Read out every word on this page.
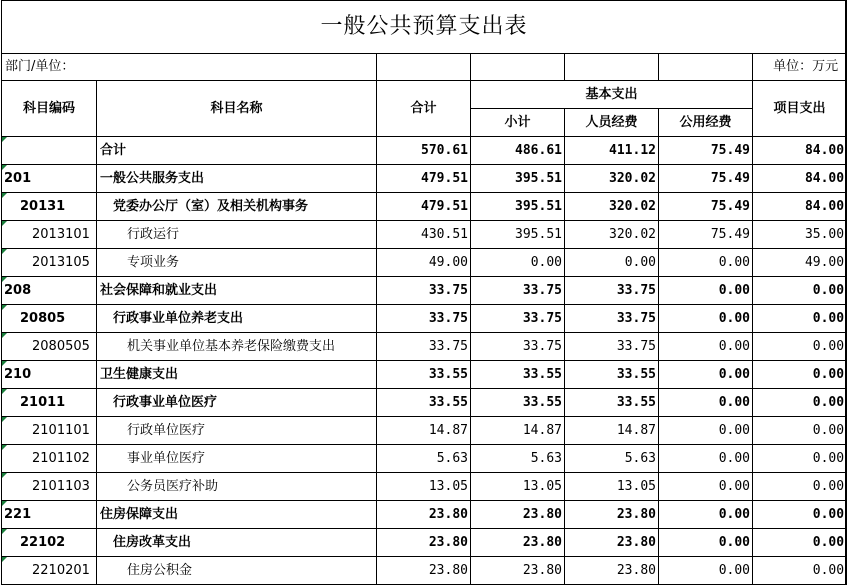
一般公共预算支出表						
部门/单位：						单位：万元
科目编码	科目名称	合计	基本支出			项目支出
			小计	人员经费	公用经费	
	合计	570.61	486.61	411.12	75.49	84.00
201	一般公共服务支出	479.51	395.51	320.02	75.49	84.00
20131	党委办公厅（室）及相关机构事务	479.51	395.51	320.02	75.49	84.00
2013101	行政运行	430.51	395.51	320.02	75.49	35.00
2013105	专项业务	49.00	0.00	0.00	0.00	49.00
208	社会保障和就业支出	33.75	33.75	33.75	0.00	0.00
20805	行政事业单位养老支出	33.75	33.75	33.75	0.00	0.00
2080505	机关事业单位基本养老保险缴费支出	33.75	33.75	33.75	0.00	0.00
210	卫生健康支出	33.55	33.55	33.55	0.00	0.00
21011	行政事业单位医疗	33.55	33.55	33.55	0.00	0.00
2101101	行政单位医疗	14.87	14.87	14.87	0.00	0.00
2101102	事业单位医疗	5.63	5.63	5.63	0.00	0.00
2101103	公务员医疗补助	13.05	13.05	13.05	0.00	0.00
221	住房保障支出	23.80	23.80	23.80	0.00	0.00
22102	住房改革支出	23.80	23.80	23.80	0.00	0.00
2210201	住房公积金	23.80	23.80	23.80	0.00	0.00
